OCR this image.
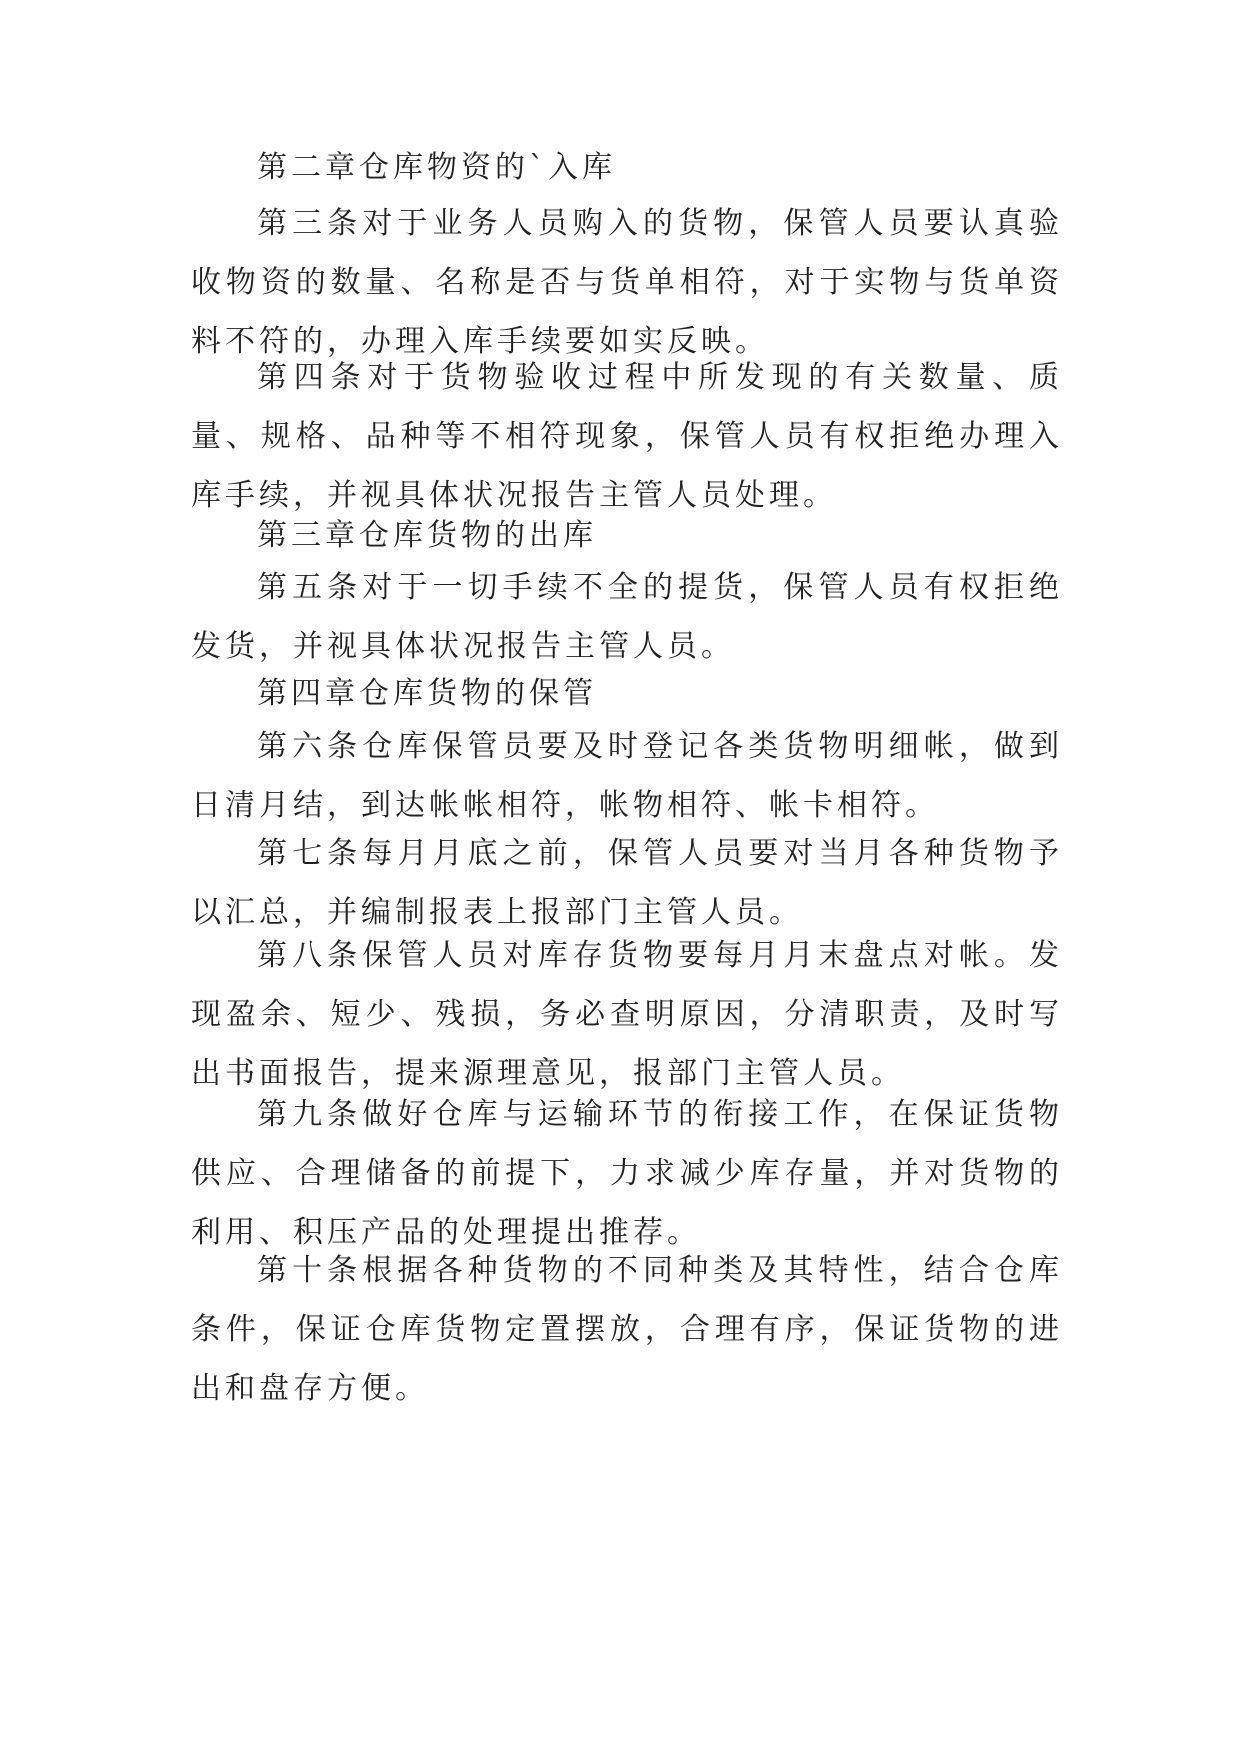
第二章仓库物资的`入库

第三条对于业务人员购入的货物，保管人员要认真验收物资的数量、名称是否与货单相符，对于实物与货单资料不符的，办理入库手续要如实反映。

第四条对于货物验收过程中所发现的有关数量、质量、规格、品种等不相符现象，保管人员有权拒绝办理入库手续，并视具体状况报告主管人员处理。

第三章仓库货物的出库

第五条对于一切手续不全的提货，保管人员有权拒绝发货，并视具体状况报告主管人员。

第四章仓库货物的保管

第六条仓库保管员要及时登记各类货物明细帐，做到日清月结，到达帐帐相符，帐物相符、帐卡相符。

第七条每月月底之前，保管人员要对当月各种货物予以汇总，并编制报表上报部门主管人员。

第八条保管人员对库存货物要每月月末盘点对帐。发现盈余、短少、残损，务必查明原因，分清职责，及时写出书面报告，提来源理意见，报部门主管人员。

第九条做好仓库与运输环节的衔接工作，在保证货物供应、合理储备的前提下，力求减少库存量，并对货物的利用、积压产品的处理提出推荐。

第十条根据各种货物的不同种类及其特性，结合仓库条件，保证仓库货物定置摆放，合理有序，保证货物的进出和盘存方便。
